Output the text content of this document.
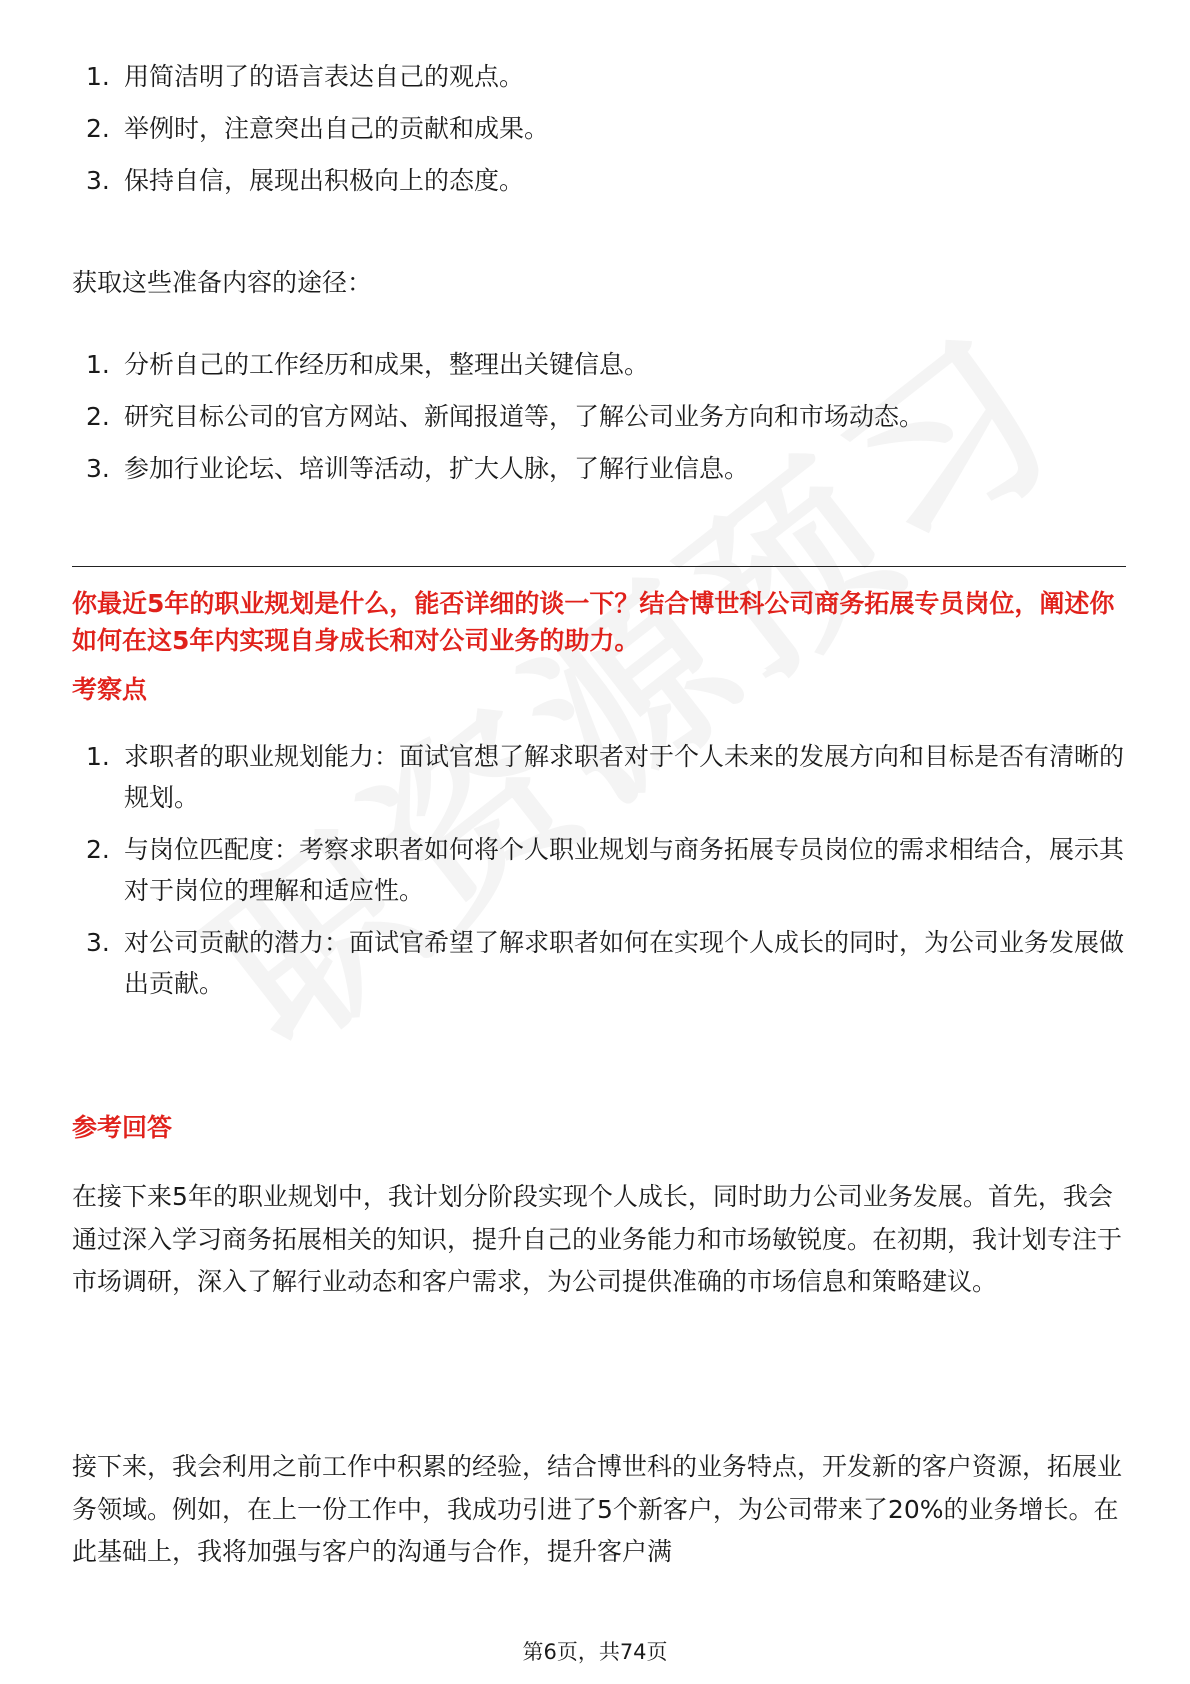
1. 用简洁明了的语言表达自己的观点。
2. 举例时，注意突出自己的贡献和成果。
3. 保持自信，展现出积极向上的态度。

获取这些准备内容的途径：

1. 分析自己的工作经历和成果，整理出关键信息。
2. 研究目标公司的官方网站、新闻报道等，了解公司业务方向和市场动态。
3. 参加行业论坛、培训等活动，扩大人脉，了解行业信息。

你最近5年的职业规划是什么，能否详细的谈一下？结合博世科公司商务拓展专员岗位，阐述你如何在这5年内实现自身成长和对公司业务的助力。

考察点

1. 求职者的职业规划能力：面试官想了解求职者对于个人未来的发展方向和目标是否有清晰的规划。
2. 与岗位匹配度：考察求职者如何将个人职业规划与商务拓展专员岗位的需求相结合，展示其对于岗位的理解和适应性。
3. 对公司贡献的潜力：面试官希望了解求职者如何在实现个人成长的同时，为公司业务发展做出贡献。

参考回答

在接下来5年的职业规划中，我计划分阶段实现个人成长，同时助力公司业务发展。首先，我会通过深入学习商务拓展相关的知识，提升自己的业务能力和市场敏锐度。在初期，我计划专注于市场调研，深入了解行业动态和客户需求，为公司提供准确的市场信息和策略建议。

接下来，我会利用之前工作中积累的经验，结合博世科的业务特点，开发新的客户资源，拓展业务领域。例如，在上一份工作中，我成功引进了5个新客户，为公司带来了20%的业务增长。在此基础上，我将加强与客户的沟通与合作，提升客户满

第6页，共74页
